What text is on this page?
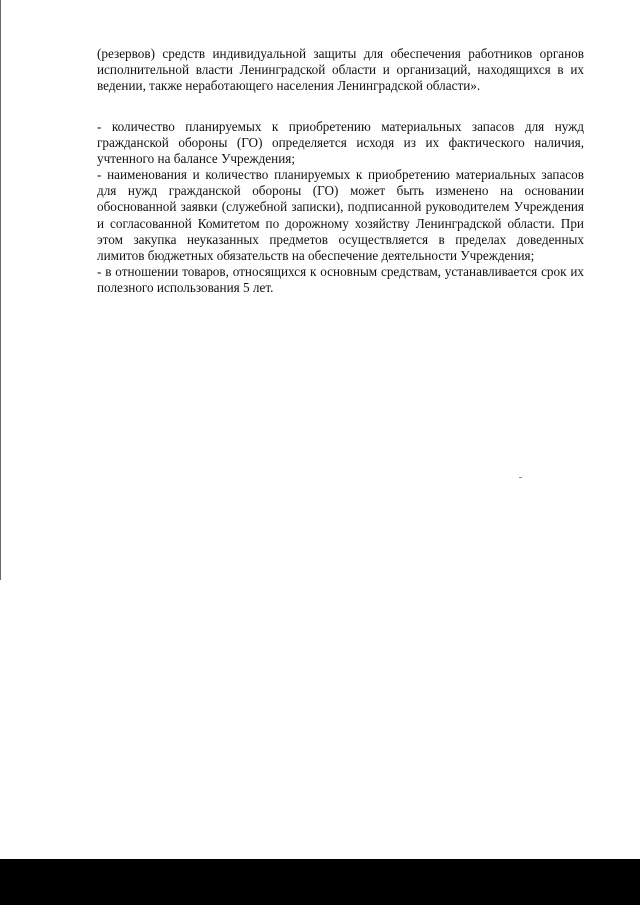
(резервов) средств индивидуальной защиты для обеспечения работников органов исполнительной власти Ленинградской области и организаций, находящихся в их ведении, также неработающего населения Ленинградской области».

- количество планируемых к приобретению материальных запасов для нужд гражданской обороны (ГО) определяется исходя из их фактического наличия, учтенного на балансе Учреждения;

- наименования и количество планируемых к приобретению материальных запасов для нужд гражданской обороны (ГО) может быть изменено на основании обоснованной заявки (служебной записки), подписанной руководителем Учреждения и согласованной Комитетом по дорожному хозяйству Ленинградской области. При этом закупка неуказанных предметов осуществляется в пределах доведенных лимитов бюджетных обязательств на обеспечение деятельности Учреждения;

- в отношении товаров, относящихся к основным средствам, устанавливается срок их полезного использования 5 лет.
